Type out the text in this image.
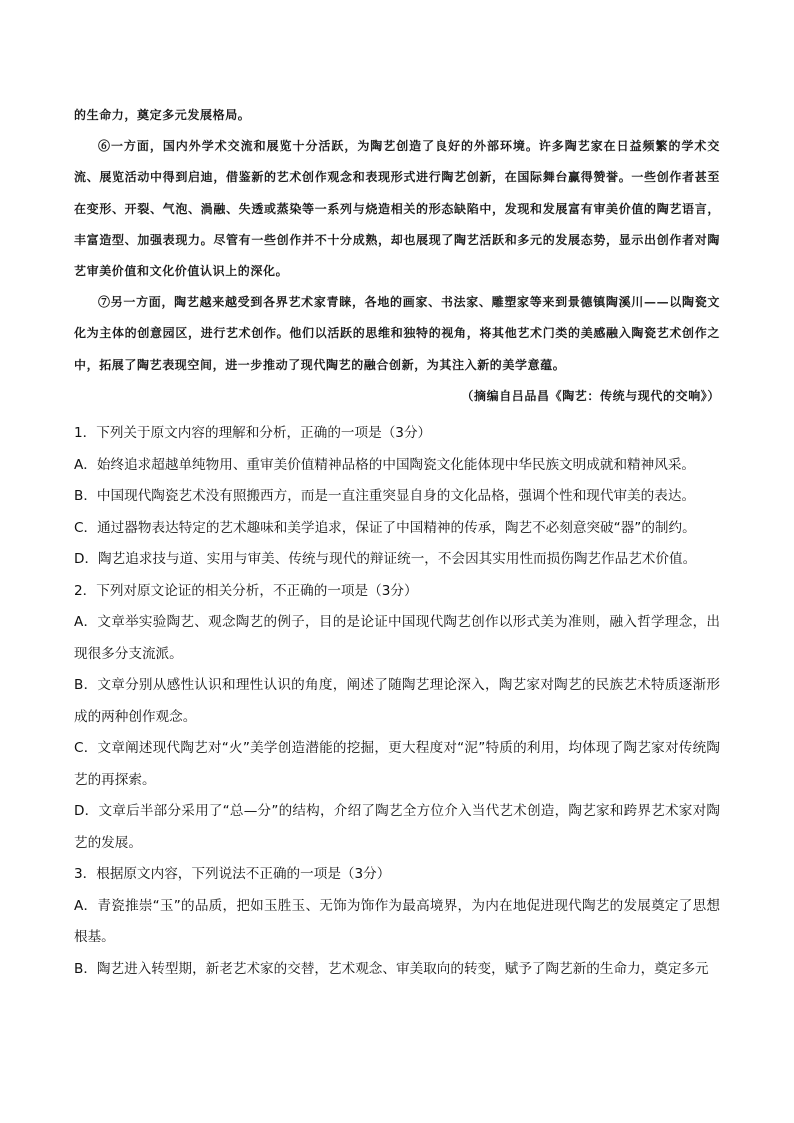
的生命力，奠定多元发展格局。

⑥一方面，国内外学术交流和展览十分活跃，为陶艺创造了良好的外部环境。许多陶艺家在日益频繁的学术交流、展览活动中得到启迪，借鉴新的艺术创作观念和表现形式进行陶艺创新，在国际舞台赢得赞誉。一些创作者甚至在变形、开裂、气泡、渦融、失透或蒸染等一系列与烧造相关的形态缺陷中，发现和发展富有审美价值的陶艺语言，丰富造型、加强表现力。尽管有一些创作并不十分成熟，却也展现了陶艺活跃和多元的发展态势，显示出创作者对陶艺审美价值和文化价值认识上的深化。

⑦另一方面，陶艺越来越受到各界艺术家青睐，各地的画家、书法家、雕塑家等来到景德镇陶溪川——以陶瓷文化为主体的创意园区，进行艺术创作。他们以活跃的思维和独特的视角，将其他艺术门类的美感融入陶瓷艺术创作之中，拓展了陶艺表现空间，进一步推动了现代陶艺的融合创新，为其注入新的美学意蕴。

（摘编自吕品昌《陶艺：传统与现代的交响》）

1．下列关于原文内容的理解和分析，正确的一项是（3分）

A．始终追求超越单纯物用、重审美价值精神品格的中国陶瓷文化能体现中华民族文明成就和精神风采。

B．中国现代陶瓷艺术没有照搬西方，而是一直注重突显自身的文化品格，强调个性和现代审美的表达。

C．通过器物表达特定的艺术趣味和美学追求，保证了中国精神的传承，陶艺不必刻意突破“器”的制约。

D．陶艺追求技与道、实用与审美、传统与现代的辩证统一，不会因其实用性而损伤陶艺作品艺术价值。

2．下列对原文论证的相关分析，不正确的一项是（3分）

A．文章举实验陶艺、观念陶艺的例子，目的是论证中国现代陶艺创作以形式美为准则，融入哲学理念，出现很多分支流派。

B．文章分别从感性认识和理性认识的角度，阐述了随陶艺理论深入，陶艺家对陶艺的民族艺术特质逐渐形成的两种创作观念。

C．文章阐述现代陶艺对“火”美学创造潜能的挖掘，更大程度对“泥”特质的利用，均体现了陶艺家对传统陶艺的再探索。

D．文章后半部分采用了“总—分”的结构，介绍了陶艺全方位介入当代艺术创造，陶艺家和跨界艺术家对陶艺的发展。

3．根据原文内容，下列说法不正确的一项是（3分）

A．青瓷推崇“玉”的品质，把如玉胜玉、无饰为饰作为最高境界，为内在地促进现代陶艺的发展奠定了思想根基。

B．陶艺进入转型期，新老艺术家的交替，艺术观念、审美取向的转变，赋予了陶艺新的生命力，奠定多元
